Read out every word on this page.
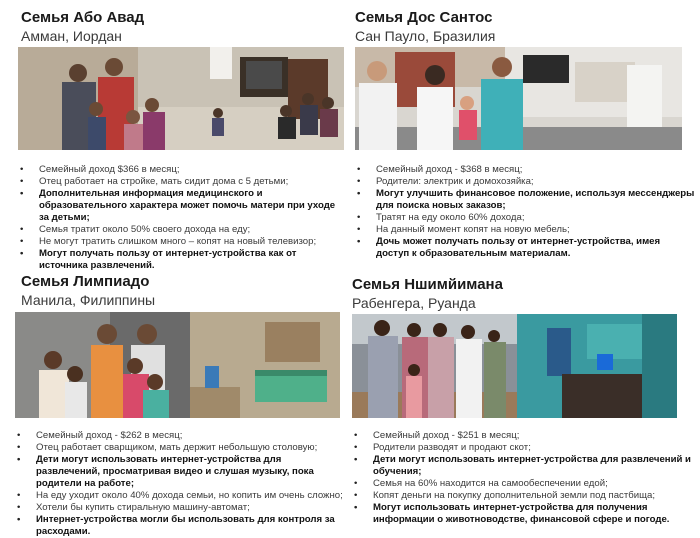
Семья Або Авад
Амман, Иордан
• Семейный доход $366 в месяц;
• Отец работает на стройке, мать сидит дома с 5 детьми;
• Дополнительная информация медицинского и образовательного характера может помочь матери при уходе за детьми;
• Семья тратит около 50% своего дохода на еду;
• Не могут тратить слишком много – копят на новый телевизор;
• Могут получать пользу от интернет-устройства как от источника развлечений.
Семья Дос Сантос
Сан Пауло, Бразилия
• Семейный доход - $368 в месяц;
• Родители: электрик и домохозяйка;
• Могут улучшить финансовое положение, используя мессенджеры для поиска новых заказов;
• Тратят на еду около 60% дохода;
• На данный момент копят на новую мебель;
• Дочь может получать пользу от интернет-устройства, имея доступ к образовательным материалам.
Семья Лимпиадо
Манила, Филиппины
• Семейный доход - $262 в месяц;
• Отец работает сварщиком, мать держит небольшую столовую;
• Дети могут использовать интернет-устройства для развлечений, просматривая видео и слушая музыку, пока родители на работе;
• На еду уходит около 40% дохода семьи, но копить им очень сложно;
• Хотели бы купить стиральную машину-автомат;
• Интернет-устройства могли бы использовать для контроля за расходами.
Семья Ншимйимана
Рабенгера, Руанда
• Семейный доход - $251 в месяц;
• Родители разводят и продают скот;
• Дети могут использовать интернет-устройства для развлечений и обучения;
• Семья на 60% находится на самообеспечении едой;
• Копят деньги на покупку дополнительной земли под пастбища;
• Могут использовать интернет-устройства для получения информации о животноводстве, финансовой сфере и погоде.
